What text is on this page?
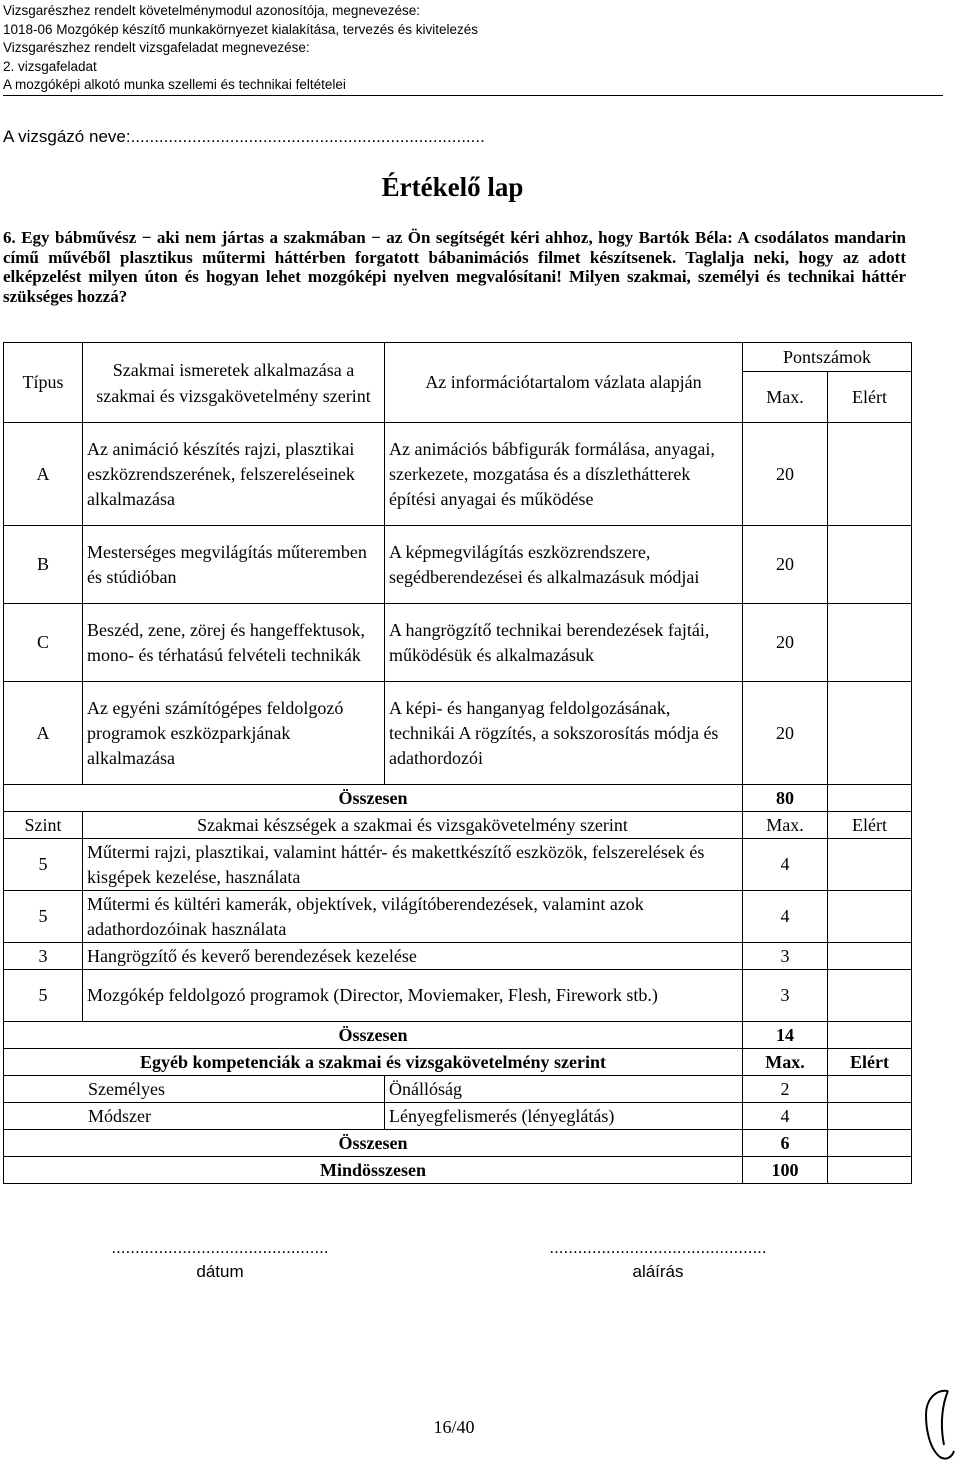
Vizsgarészhez rendelt követelménymodul azonosítója, megnevezése:
1018-06 Mozgókép készítő munkakörnyezet kialakítása, tervezés és kivitelezés
Vizsgarészhez rendelt vizsgafeladat megnevezése:
2. vizsgafeladat
A mozgóképi alkotó munka szellemi és technikai feltételei
A vizsgázó neve:...........................................................................
Értékelő lap
6. Egy bábművész − aki nem jártas a szakmában − az Ön segítségét kéri ahhoz, hogy Bartók Béla: A csodálatos mandarin című művéből plasztikus műtermi háttérben forgatott bábanimációs filmet készítsenek. Taglalja neki, hogy az adott elképzelést milyen úton és hogyan lehet mozgóképi nyelven megvalósítani! Milyen szakmai, személyi és technikai háttér szükséges hozzá?
Típus	Szakmai ismeretek alkalmazása a szakmai és vizsgakövetelmény szerint	Az információtartalom vázlata alapján	Pontszámok	
			Max.	Elért
A	Az animáció készítés rajzi, plasztikai eszközrendszerének, felszereléseinek alkalmazása	Az animációs bábfigurák formálása, anyagai, szerkezete, mozgatása és a díszlethátterek építési anyagai és működése	20	
B	Mesterséges megvilágítás műteremben és stúdióban	A képmegvilágítás eszközrendszere, segédberendezései és alkalmazásuk módjai	20	
C	Beszéd, zene, zörej és hangeffektusok, mono- és térhatású felvételi technikák	A hangrögzítő technikai berendezések fajtái, működésük és alkalmazásuk	20	
A	Az egyéni számítógépes feldolgozó programok eszközparkjának alkalmazása	A képi- és hanganyag feldolgozásának, technikái A rögzítés, a sokszorosítás módja és adathordozói	20	
Összesen			80	
Szint	Szakmai készségek a szakmai és vizsgakövetelmény szerint		Max.	Elért
5	Műtermi rajzi, plasztikai, valamint háttér- és makettkészítő eszközök, felszerelések és kisgépek kezelése, használata		4	
5	Műtermi és kültéri kamerák, objektívek, világítóberendezések, valamint azok adathordozóinak használata		4	
3	Hangrögzítő és keverő berendezések kezelése		3	
5	Mozgókép feldolgozó programok (Director, Moviemaker, Flesh, Firework stb.)		3	
Összesen			14	
Egyéb kompetenciák a szakmai és vizsgakövetelmény szerint			Max.	Elért
Személyes		Önállóság	2	
Módszer		Lényegfelismerés (lényeglátás)	4	
Összesen			6	
Mindösszesen			100	
..............................................
dátum
..............................................
aláírás
16/40
